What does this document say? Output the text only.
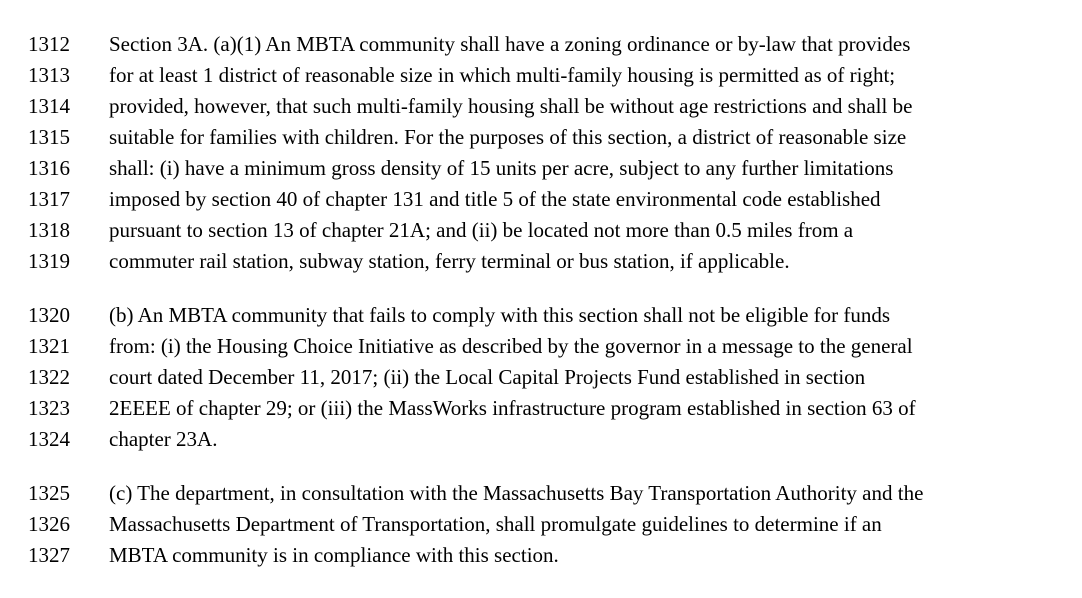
1312	Section 3A. (a)(1) An MBTA community shall have a zoning ordinance or by-law that provides
1313	for at least 1 district of reasonable size in which multi-family housing is permitted as of right;
1314	provided, however, that such multi-family housing shall be without age restrictions and shall be
1315	suitable for families with children. For the purposes of this section, a district of reasonable size
1316	shall: (i) have a minimum gross density of 15 units per acre, subject to any further limitations
1317	imposed by section 40 of chapter 131 and title 5 of the state environmental code established
1318	pursuant to section 13 of chapter 21A; and (ii) be located not more than 0.5 miles from a
1319	commuter rail station, subway station, ferry terminal or bus station, if applicable.
1320	(b) An MBTA community that fails to comply with this section shall not be eligible for funds
1321	from: (i) the Housing Choice Initiative as described by the governor in a message to the general
1322	court dated December 11, 2017; (ii) the Local Capital Projects Fund established in section
1323	2EEEE of chapter 29; or (iii) the MassWorks infrastructure program established in section 63 of
1324	chapter 23A.
1325	(c) The department, in consultation with the Massachusetts Bay Transportation Authority and the
1326	Massachusetts Department of Transportation, shall promulgate guidelines to determine if an
1327	MBTA community is in compliance with this section.
